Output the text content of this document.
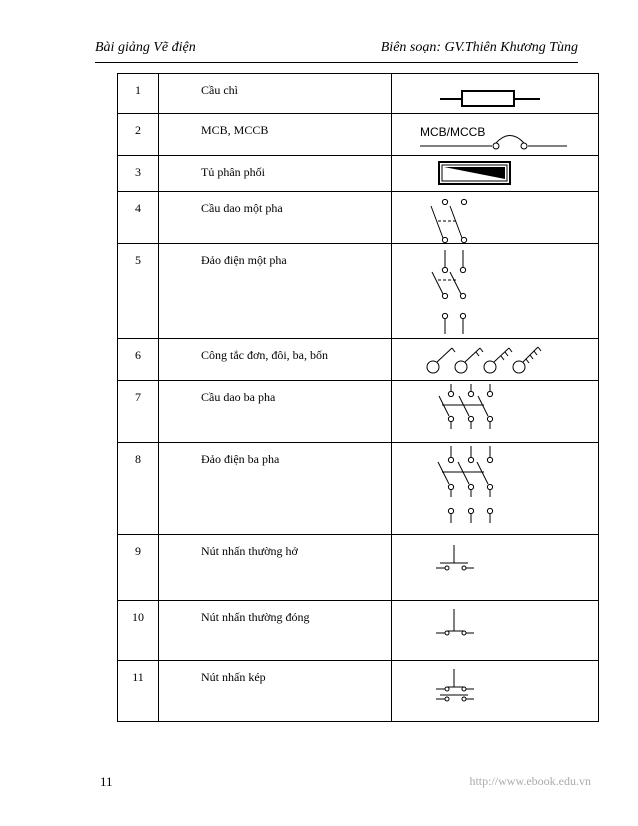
Bài giảng Vẽ điện	Biên soạn: GV.Thiên Khương Tùng
1	Cầu chì	

2	MCB, MCCB	MCB/MCCB

3	Tủ phân phối	

4	Cầu dao một pha	

5	Đảo điện một pha	

6	Công tắc đơn, đôi, ba, bốn	

7	Cầu dao ba pha	

8	Đảo điện ba pha	

9	Nút nhấn thường hở	

10	Nút nhấn thường đóng	

11	Nút nhấn kép	
11	http://www.ebook.edu.vn
